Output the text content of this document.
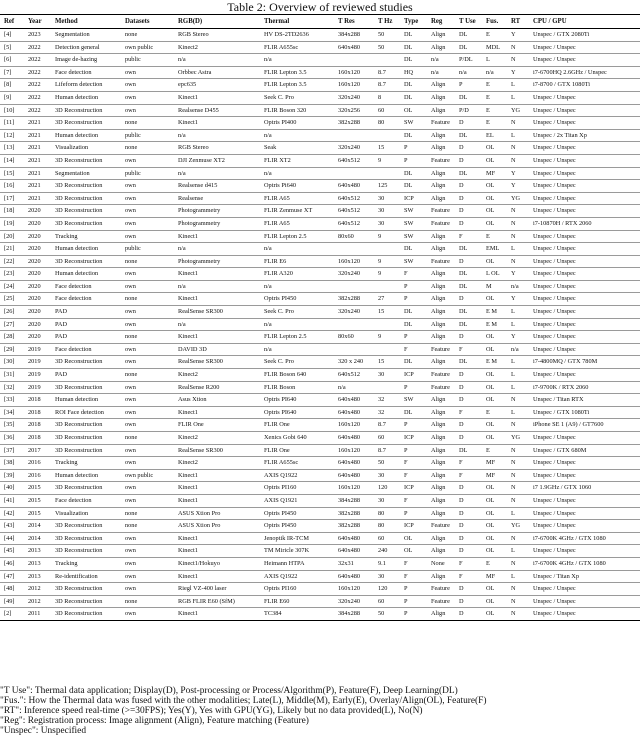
Table 2: Overview of reviewed studies
Ref	Year	Method	Datasets	RGB(D)	Thermal	T Res	T Hz	Type	Reg	T Use	Fus.	RT	CPU / GPU
[4]	2023	Segmentation	none	RGB Stereo	HV DS-2TD2636	384x288	50	DL	Align	DL	E	Y	Unspec / GTX 2080Ti
[5]	2022	Detection general	own public	Kinect2	FLIR A655sc	640x480	50	DL	Align	DL	MDL	N	Unspec / Unspec
[6]	2022	Image de-hazing	public	n/a	n/a			DL	n/a	P/DL	L	N	Unspec / Unspec
[7]	2022	Face detection	own	Orbbec Astra	FLIR Lepton 3.5	160x120	8.7	HQ	n/a	n/a	n/a	Y	i7-6700HQ 2.6GHz / Unspec
[8]	2022	Lifeform detection	own	epc635	FLIR Lepton 3.5	160x120	8.7	DL	Align	P	E	L	i7-8700 / GTX 1080Ti
[9]	2022	Human detection	own	Kinect1	Seek C. Pro	320x240	8	DL	Align	DL	E	L	Unspec / Unspec
[10]	2022	3D Reconstruction	own	Realsense D455	FLIR Boson 320	320x256	60	OL	Align	P/D	E	YG	Unspec / Unspec
[11]	2021	3D Reconstruction	none	Kinect1	Optris PI400	382x288	80	SW	Feature	D	E	N	Unspec / Unspec
[12]	2021	Human detection	public	n/a	n/a			DL	Align	DL	EL	L	Unspec / 2x Titan Xp
[13]	2021	Visualization	none	RGB Stereo	Seak	320x240	15	P	Align	D	OL	N	Unspec / Unspec
[14]	2021	3D Reconstruction	own	DJI Zenmuse XT2	FLIR XT2	640x512	9	P	Feature	D	OL	N	Unspec / Unspec
[15]	2021	Segmentation	public	n/a	n/a			DL	Align	DL	MF	Y	Unspec / Unspec
[16]	2021	3D Reconstruction	own	Realsense d415	Optris Pi640	640x480	125	DL	Align	D	OL	Y	Unspec / Unspec
[17]	2021	3D Reconstruction	own	Realsense	FLIR A65	640x512	30	ICP	Align	D	OL	YG	Unspec / Unspec
[18]	2020	3D Reconstruction	own	Photogrammetry	FLIR Zenmuse XT	640x512	30	SW	Feature	D	OL	N	Unspec / Unspec
[19]	2020	3D Reconstruction	own	Photogrammetry	FLIR A65	640x512	30	SW	Feature	D	OL	N	i7-10870H / RTX 2060
[20]	2020	Tracking	own	Kinect1	FLIR Lepton 2.5	80x60	9	SW	Align	F	E	N	Unspec / Unspec
[21]	2020	Human detection	public	n/a	n/a			DL	Align	DL	EML	L	Unspec / Unspec
[22]	2020	3D Reconstruction	none	Photogrammetry	FLIR E6	160x120	9	SW	Feature	D	OL	N	Unspec / Unspec
[23]	2020	Human detection	own	Kinect1	FLIR A320	320x240	9	F	Align	DL	L OL	Y	Unspec / Unspec
[24]	2020	Face detection	own	n/a	n/a			P	Align	DL	M	n/a	Unspec / Unspec
[25]	2020	Face detection	none	Kinect1	Optris PI450	382x288	27	P	Align	D	OL	Y	Unspec / Unspec
[26]	2020	PAD	own	RealSense SR300	Seek C. Pro	320x240	15	DL	Align	DL	E M	L	Unspec / Unspec
[27]	2020	PAD	own	n/a	n/a			DL	Align	DL	E M	L	Unspec / Unspec
[28]	2020	PAD	none	Kinect1	FLIR Lepton 2.5	80x60	9	P	Align	D	OL	Y	Unspec / Unspec
[29]	2019	Face detection	own	DAVID 3D	n/a			F	Feature	F	OL	n/a	Unspec / Unspec
[30]	2019	3D Reconstruction	own	RealSense SR300	Seek C. Pro	320 x 240	15	DL	Align	DL	E M	L	i7-4800MQ / GTX 780M
[31]	2019	PAD	none	Kinect2	FLIR Boson 640	640x512	30	ICP	Feature	D	OL	L	Unspec / Unspec
[32]	2019	3D Reconstruction	own	RealSense R200	FLIR Boson	n/a		P	Feature	D	OL	L	i7-9700K / RTX 2060
[33]	2018	Human detection	own	Asus Xtion	Optris PI640	640x480	32	SW	Align	D	OL	N	Unspec / Titan RTX
[34]	2018	ROI Face detection	own	Kinect1	Optris PI640	640x480	32	DL	Align	F	E	L	Unspec / GTX 1080Ti
[35]	2018	3D Reconstruction	own	FLIR One	FLIR One	160x120	8.7	P	Align	D	OL	N	iPhone SE 1 (A9) / GT7600
[36]	2018	3D Reconstruction	none	Kinect2	Xenics Gobi 640	640x480	60	ICP	Align	D	OL	YG	Unspec / Unspec
[37]	2017	3D Reconstruction	own	RealSense SR300	FLIR One	160x120	8.7	P	Align	DL	E	N	Unspec / GTX 680M
[38]	2016	Tracking	own	Kinect2	FLIR A655sc	640x480	50	F	Align	F	MF	N	Unspec / Unspec
[39]	2016	Human detection	own public	Kinect1	AXIS Q1922	640x480	30	F	Align	F	MF	N	Unspec / Unspec
[40]	2015	3D Reconstruction	own	Kinect1	Optris PI160	160x120	120	ICP	Align	D	OL	N	i7 1.9GHz / GTX 1060
[41]	2015	Face detection	own	Kinect1	AXIS Q1921	384x288	30	F	Align	D	OL	N	Unspec / Unspec
[42]	2015	Visualization	none	ASUS Xtion Pro	Optris PI450	382x288	80	P	Align	D	OL	L	Unspec / Unspec
[43]	2014	3D Reconstruction	none	ASUS Xtion Pro	Optris PI450	382x288	80	ICP	Feature	D	OL	YG	Unspec / Unspec
[44]	2014	3D Reconstruction	own	Kinect1	Jenoptik IR-TCM	640x480	60	OL	Align	D	OL	N	i7-6700K 4GHz / GTX 1080
[45]	2013	3D Reconstruction	own	Kinect1	TM Miricle 307K	640x480	240	OL	Align	D	OL	L	Unspec / Unspec
[46]	2013	Tracking	own	Kinect1/Hokuyo	Heimann HTPA	32x31	9.1	F	None	F	E	N	i7-6700K 4GHz / GTX 1080
[47]	2013	Re-identification	own	Kinect1	AXIS Q1922	640x480	30	F	Align	F	MF	L	Unspec / Titan Xp
[48]	2012	3D Reconstruction	own	Riegl VZ-400 laser	Optris PI160	160x120	120	P	Feature	D	OL	N	Unspec / Unspec
[49]	2012	3D Reconstruction	none	RGB FLIR E60 (SfM)	FLIR E60	320x240	60	P	Feature	D	OL	N	Unspec / Unspec
[2]	2011	3D Reconstruction	own	Kinect1	TC384	384x288	50	P	Align	D	OL	N	Unspec / Unspec
"T Use": Thermal data application; Display(D), Post-processing or Process/Algorithm(P), Feature(F), Deep Learning(DL)
"Fus.": How the Thermal data was fused with the other modalities; Late(L), Middle(M), Early(E), Overlay/Align(OL), Feature(F)
"RT": Inference speed real-time (>=30FPS); Yes(Y), Yes with GPU(YG), Likely but no data provided(L), No(N)
"Reg": Registration process: Image alignment (Align), Feature matching (Feature)
"Unspec": Unspecified
